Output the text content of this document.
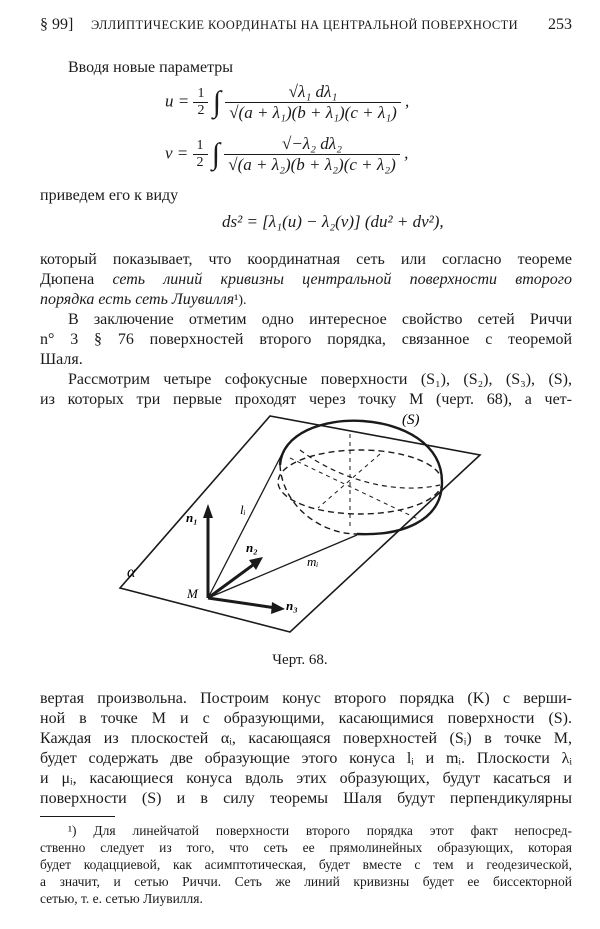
§ 99] ЭЛЛИПТИЧЕСКИЕ КООРДИНАТЫ НА ЦЕНТРАЛЬНОЙ ПОВЕРХНОСТИ 253
Вводя новые параметры
$u = \frac{1}{2}$ ∫ $\frac{\text{√λ₁ dλ₁}}{\text{√(a + λ₁)(b + λ₁)(c + λ₁)}}$ ,
$v = \frac{1}{2}$ ∫ $\frac{\text{√−λ₂ dλ₂}}{\text{√(a + λ₂)(b + λ₂)(c + λ₂)}}$ ,
приведем его к виду
ds² = [λ₁(u) − λ₂(v)] (du² + dv²),
который показывает, что координатная сеть или согласно теореме
Дюпена сеть линий кривизны центральной поверхности второго
порядка есть сеть Лиувилля¹).
В заключение отметим одно интересное свойство сетей Риччи
n° 3 § 76 поверхностей второго порядка, связанное с теоремой
Шаля.
Рассмотрим четыре софокусные поверхности (S₁), (S₂), (S₃), (S),
из которых три первые проходят через точку M (черт. 68), а чет-
(S)
α
M
n₁
n₂
n₃
lᵢ
mᵢ
Черт. 68.
вертая произвольна. Построим конус второго порядка (K) с верши-
ной в точке M и с образующими, касающимися поверхности (S).
Каждая из плоскостей αᵢ, касающаяся поверхностей (Sᵢ) в точке M,
будет содержать две образующие этого конуса lᵢ и mᵢ. Плоскости λᵢ
и μᵢ, касающиеся конуса вдоль этих образующих, будут касаться и
поверхности (S) и в силу теоремы Шаля будут перпендикулярны
¹) Для линейчатой поверхности второго порядка этот факт непосред-
ственно следует из того, что сеть ее прямолинейных образующих, которая
будет кодацциевой, как асимптотическая, будет вместе с тем и геодезической,
а значит, и сетью Риччи. Сеть же линий кривизны будет ее биссекторной
сетью, т. е. сетью Лиувилля.
